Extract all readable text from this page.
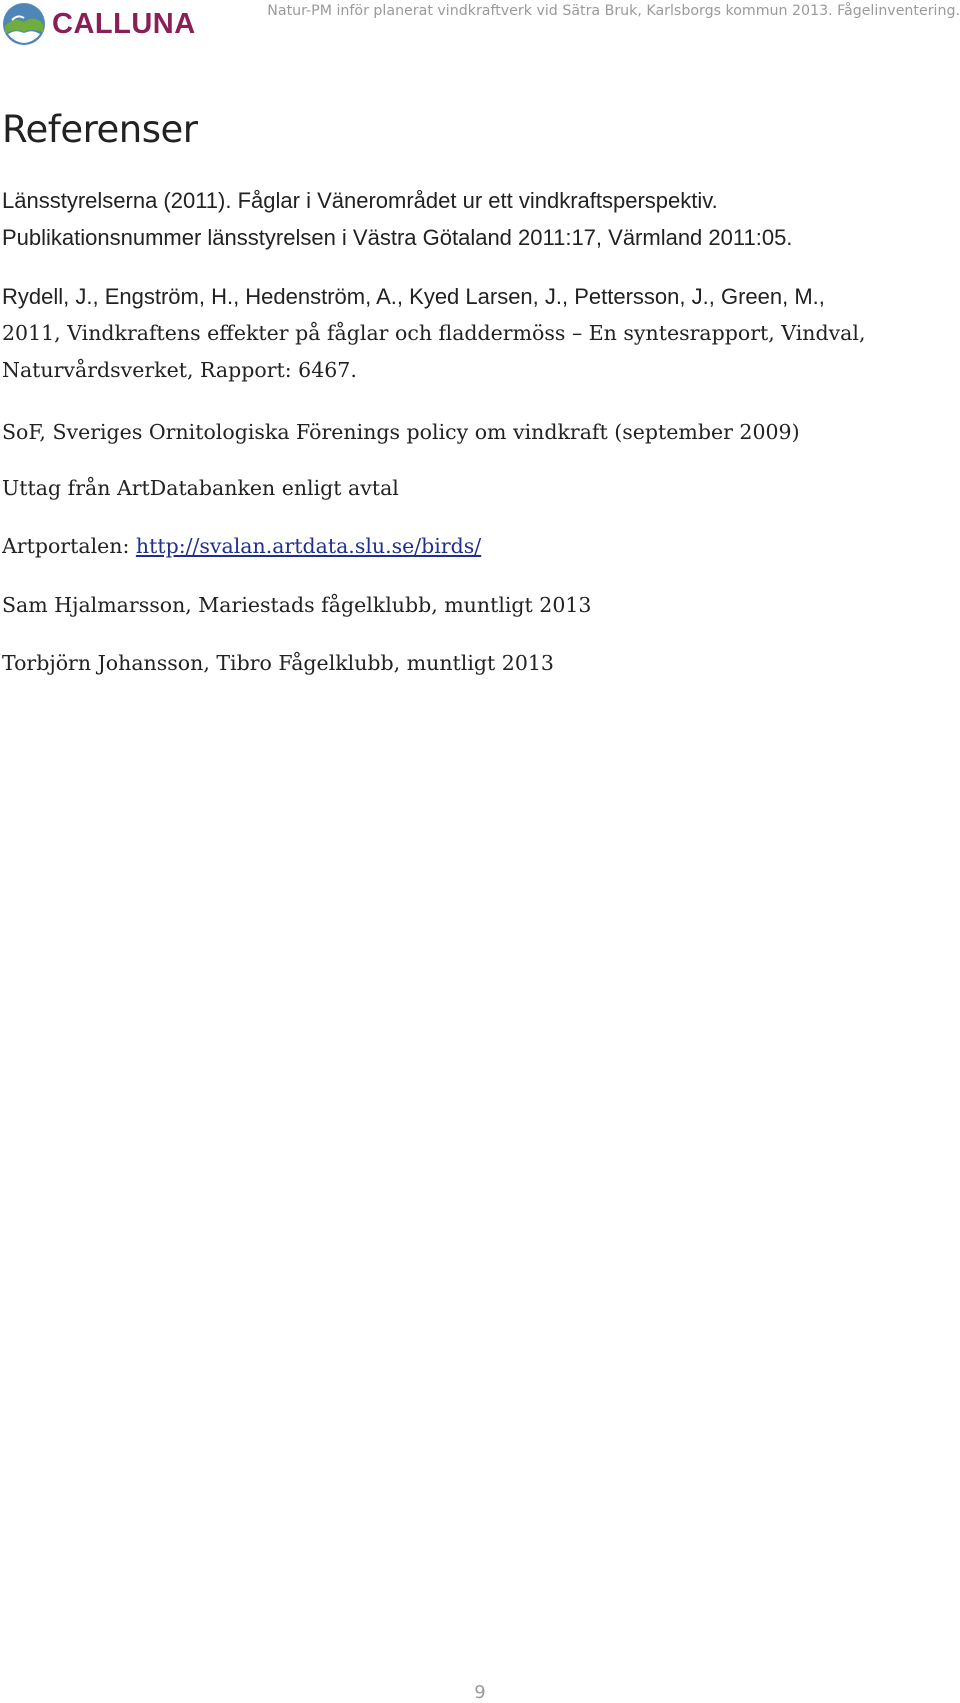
CALLUNA	Natur-PM inför planerat vindkraftverk vid Sätra Bruk, Karlsborgs kommun 2013. Fågelinventering.
Referenser
Länsstyrelserna (2011). Fåglar i Vänerområdet ur ett vindkraftsperspektiv.
Publikationsnummer länsstyrelsen i Västra Götaland 2011:17, Värmland 2011:05.
Rydell, J., Engström, H., Hedenström, A., Kyed Larsen, J., Pettersson, J., Green, M.,
2011, Vindkraftens effekter på fåglar och fladdermöss – En syntesrapport, Vindval,
Naturvårdsverket, Rapport: 6467.

SoF, Sveriges Ornitologiska Förenings policy om vindkraft (september 2009)

Uttag från ArtDatabanken enligt avtal

Artportalen: http://svalan.artdata.slu.se/birds/

Sam Hjalmarsson, Mariestads fågelklubb, muntligt 2013

Torbjörn Johansson, Tibro Fågelklubb, muntligt 2013

9
